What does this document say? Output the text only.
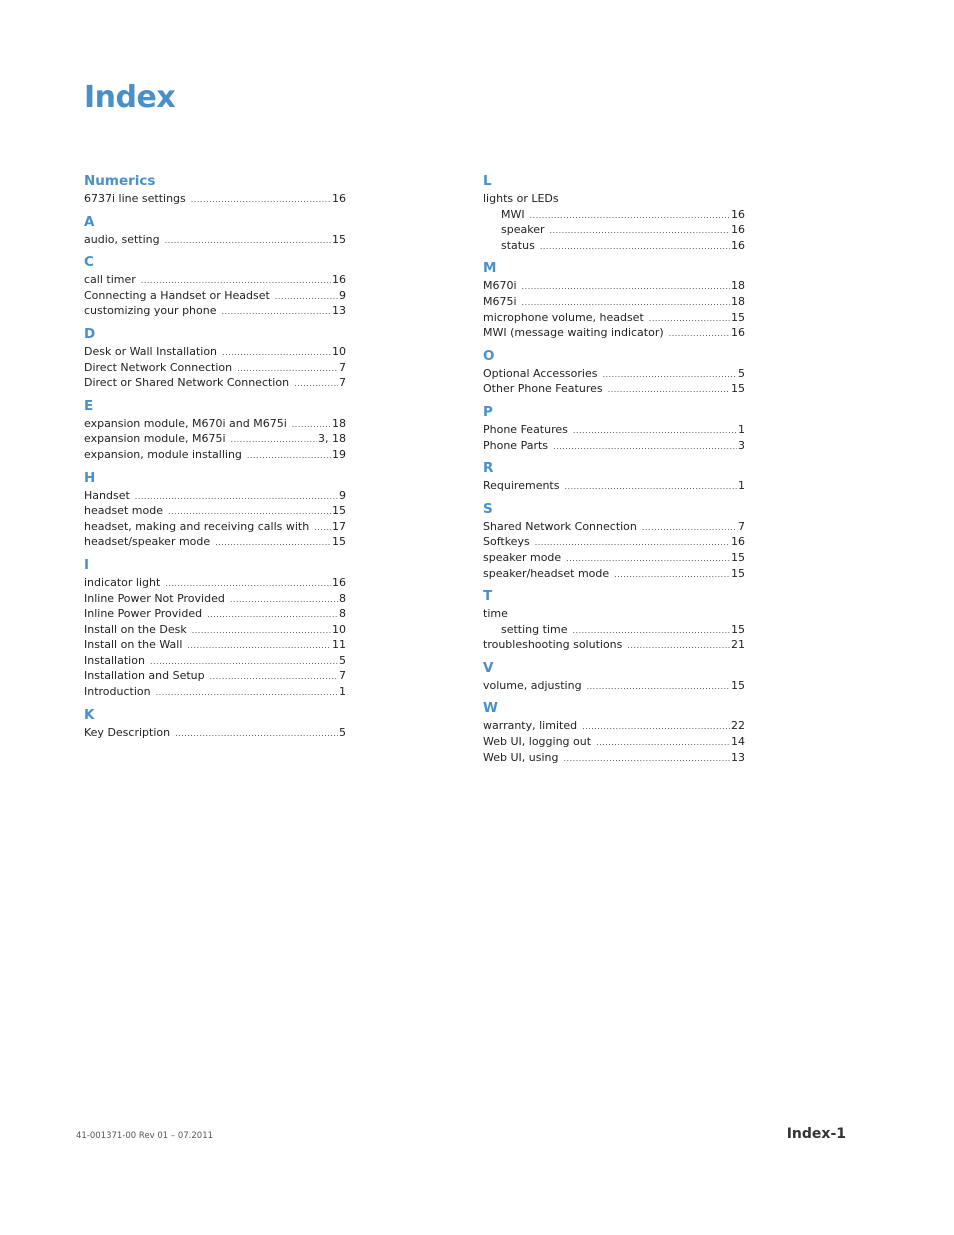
Index
Numerics
6737i line settings .....	16
A
audio, setting .....	15
C
call timer .....	16
Connecting a Handset or Headset .....	9
customizing your phone .....	13
D
Desk or Wall Installation .....	10
Direct Network Connection .....	7
Direct or Shared Network Connection .....	7
E
expansion module, M670i and M675i .....	18
expansion module, M675i .....	3, 18
expansion, module installing .....	19
H
Handset .....	9
headset mode .....	15
headset, making and receiving calls with ..... 17
headset/speaker mode .....	15
I
indicator light .....	16
Inline Power Not Provided .....	8
Inline Power Provided .....	8
Install on the Desk .....	10
Install on the Wall .....	11
Installation .....	5
Installation and Setup .....	7
Introduction .....	1
K
Key Description .....	5
L
lights or LEDs
MWI .....	16
speaker .....	16
status .....	16
M
M670i .....	18
M675i .....	18
microphone volume, headset .....	15
MWI (message waiting indicator) .....	16
O
Optional Accessories .....	5
Other Phone Features .....	15
P
Phone Features .....	1
Phone Parts .....	3
R
Requirements .....	1
S
Shared Network Connection .....	7
Softkeys .....	16
speaker mode .....	15
speaker/headset mode .....	15
T
time
setting time .....	15
troubleshooting solutions .....	21
V
volume, adjusting .....	15
W
warranty, limited .....	22
Web UI, logging out .....	14
Web UI, using .....	13
41-001371-00 Rev 01 – 07.2011	Index-1
